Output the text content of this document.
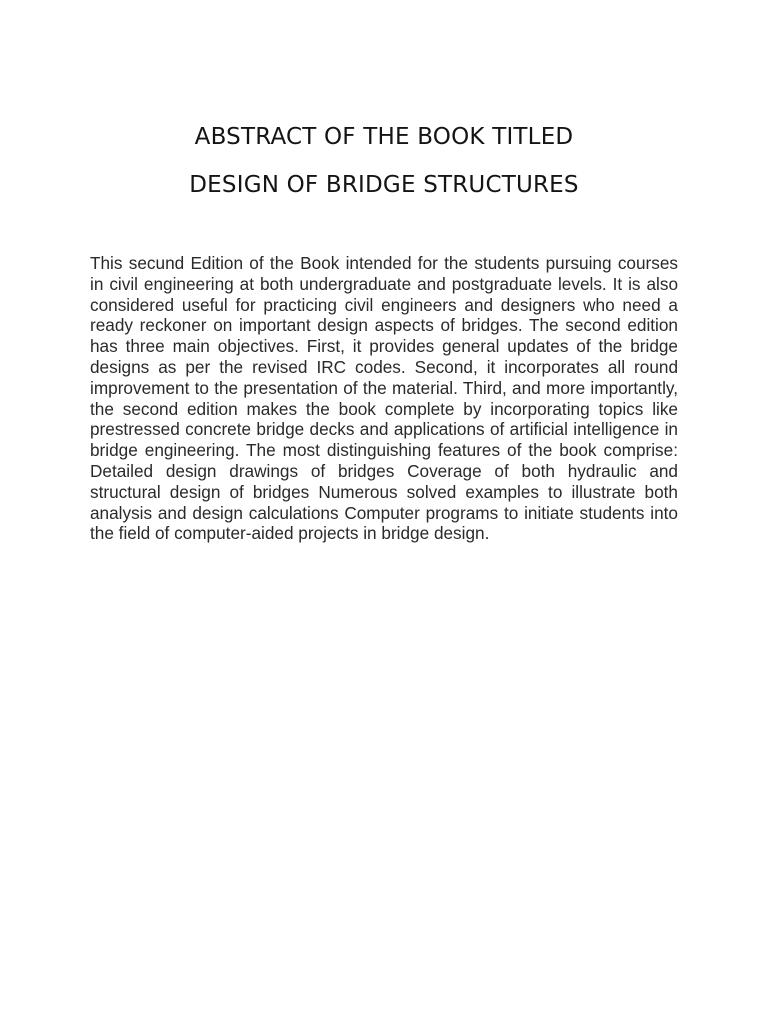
ABSTRACT OF THE BOOK TITLED
DESIGN OF BRIDGE STRUCTURES

This secund Edition of the Book intended for the students pursuing courses in civil engineering at both undergraduate and postgraduate levels. It is also considered useful for practicing civil engineers and designers who need a ready reckoner on important design aspects of bridges. The second edition has three main objectives. First, it provides general updates of the bridge designs as per the revised IRC codes. Second, it incorporates all round improvement to the presentation of the material. Third, and more importantly, the second edition makes the book complete by incorporating topics like prestressed concrete bridge decks and applications of artificial intelligence in bridge engineering. The most distinguishing features of the book comprise: Detailed design drawings of bridges Coverage of both hydraulic and structural design of bridges Numerous solved examples to illustrate both analysis and design calculations Computer programs to initiate students into the field of computer-aided projects in bridge design.
